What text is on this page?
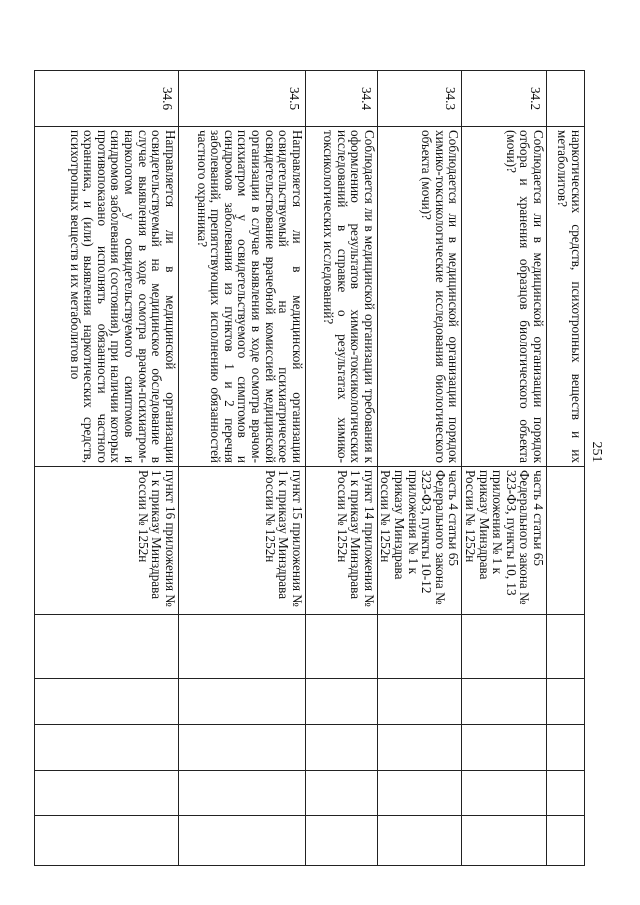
251
	наркотических средств, психотропных веществ и их метаболитов?						
34.2	Соблюдается ли в медицинской организации порядок отбора и хранения образцов биологического объекта (мочи)?	часть 4 статьи 65 Федерального закона № 323-ФЗ, пункты 10, 13 приложения № 1 к приказу Минздрава России № 1252н					
34.3	Соблюдается ли в медицинской организации порядок химико-токсикологические исследования биологического объекта (мочи)?	часть 4 статьи 65 Федерального закона № 323-ФЗ, пункты 10-12 приложения № 1 к приказу Минздрава России № 1252н					
34.4	Соблюдается ли в медицинской организации требования к оформлению результатов химико-токсикологических исследований в справке о результатах химико-токсикологических исследований?	пункт 14 приложения № 1 к приказу Минздрава России № 1252н					
34.5	Направляется ли в медицинской организации освидетельствуемый на психиатрическое освидетельствование врачебной комиссией медицинской организации в случае выявления в ходе осмотра врачом-психиатром у освидетельствуемого симптомов и синдромов заболевания из пунктов 1 и 2 перечня заболеваний, препятствующих исполнению обязанностей частного охранника?	пункт 15 приложения № 1 к приказу Минздрава России № 1252н					
34.6	Направляется ли в медицинской организации освидетельствуемый на медицинское обследование в случае выявления в ходе осмотра врачом-психиатром-наркологом у освидетельствуемого симптомов и синдромов заболевания (состояния), при наличии которых противопоказано исполнять обязанности частного охранника, и (или) выявления наркотических средств, психотропных веществ и их метаболитов по	пункт 16 приложения № 1 к приказу Минздрава России № 1252н					
